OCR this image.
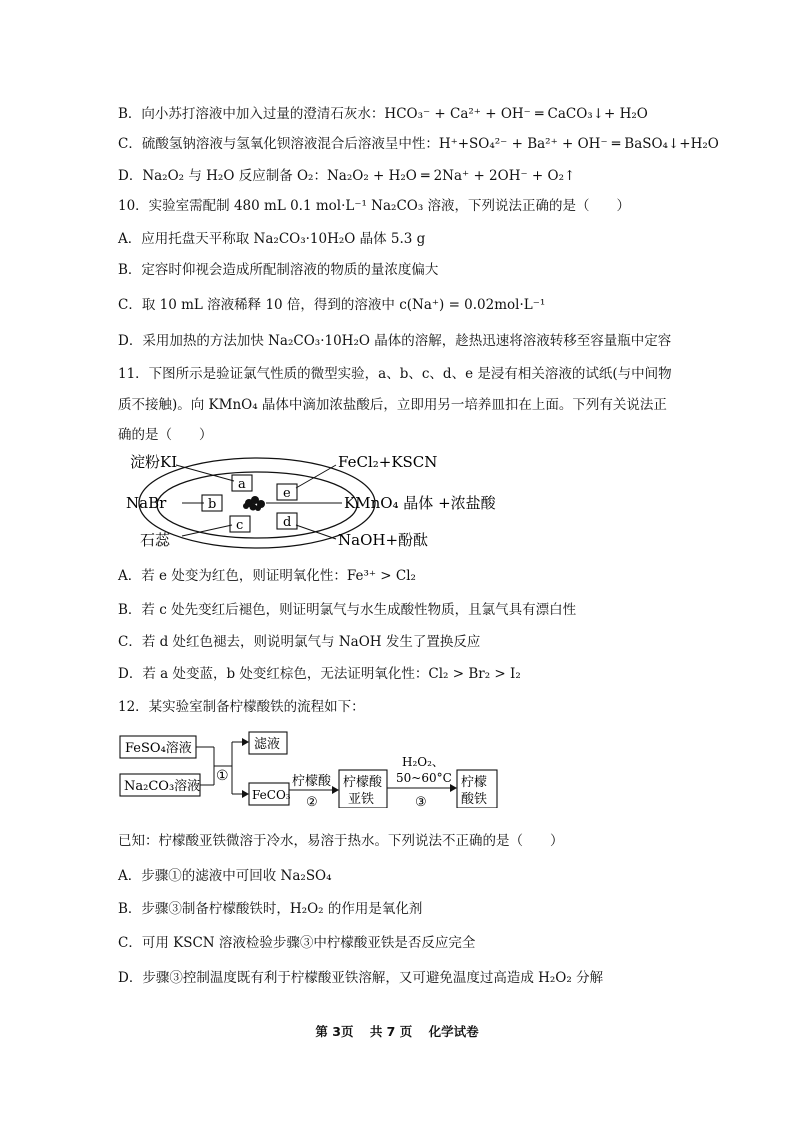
B．向小苏打溶液中加入过量的澄清石灰水：HCO₃⁻ + Ca²⁺ + OH⁻ ═ CaCO₃↓+ H₂O
C．硫酸氢钠溶液与氢氧化钡溶液混合后溶液呈中性：H⁺+SO₄²⁻ + Ba²⁺ + OH⁻ ═ BaSO₄↓+H₂O
D．Na₂O₂ 与 H₂O 反应制备 O₂：Na₂O₂ + H₂O ═ 2Na⁺ + 2OH⁻ + O₂↑
10．实验室需配制 480 mL 0.1 mol·L⁻¹ Na₂CO₃ 溶液，下列说法正确的是（　　）
A．应用托盘天平称取 Na₂CO₃·10H₂O 晶体 5.3 g
B．定容时仰视会造成所配制溶液的物质的量浓度偏大
C．取 10 mL 溶液稀释 10 倍，得到的溶液中 c(Na⁺) = 0.02mol·L⁻¹
D．采用加热的方法加快 Na₂CO₃·10H₂O 晶体的溶解，趁热迅速将溶液转移至容量瓶中定容
11．下图所示是验证氯气性质的微型实验，a、b、c、d、e 是浸有相关溶液的试纸(与中间物
质不接触)。向 KMnO₄ 晶体中滴加浓盐酸后，立即用另一培养皿扣在上面。下列有关说法正
确的是（　　）
a
b
c	d
e
淀粉KI	FeCl₂+KSCN
NaBr	KMnO₄ 晶体 +浓盐酸
石蕊	NaOH+酚酞
A．若 e 处变为红色，则证明氧化性：Fe³⁺ > Cl₂
B．若 c 处先变红后褪色，则证明氯气与水生成酸性物质，且氯气具有漂白性
C．若 d 处红色褪去，则说明氯气与 NaOH 发生了置换反应
D．若 a 处变蓝，b 处变红棕色，无法证明氧化性：Cl₂ > Br₂ > I₂
12．某实验室制备柠檬酸铁的流程如下：
FeSO₄溶液
Na₂CO₃溶液
①
滤液
FeCO₃
柠檬酸
②
柠檬酸
亚铁
H₂O₂、
50~60°C
③
柠檬
酸铁
已知：柠檬酸亚铁微溶于冷水，易溶于热水。下列说法不正确的是（　　）
A．步骤①的滤液中可回收 Na₂SO₄
B．步骤③制备柠檬酸铁时，H₂O₂ 的作用是氧化剂
C．可用 KSCN 溶液检验步骤③中柠檬酸亚铁是否反应完全
D．步骤③控制温度既有利于柠檬酸亚铁溶解，又可避免温度过高造成 H₂O₂ 分解
第 3页 共 7 页 化学试卷
